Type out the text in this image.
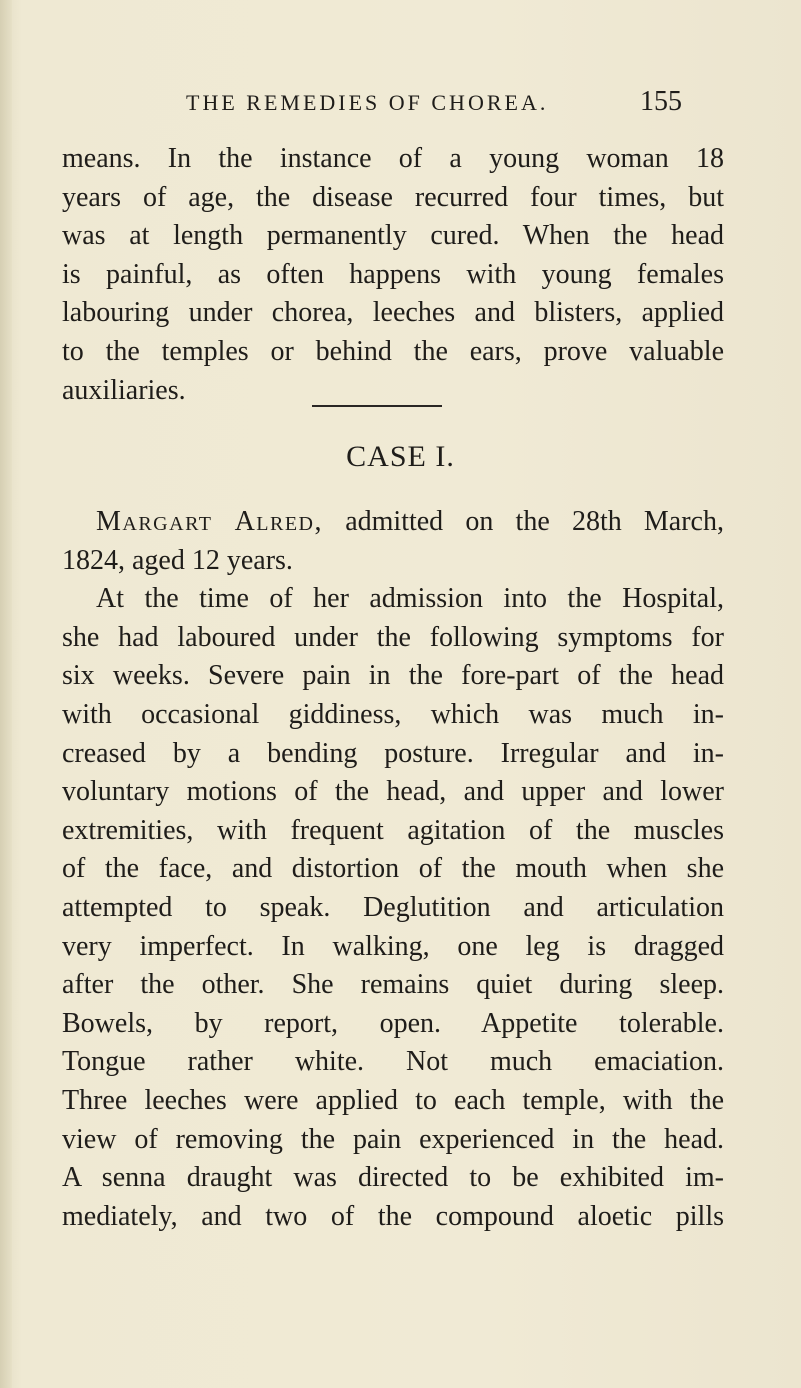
THE REMEDIES OF CHOREA.	155
means. In the instance of a young woman 18
years of age, the disease recurred four times, but
was at length permanently cured. When the head
is painful, as often happens with young females
labouring under chorea, leeches and blisters, applied
to the temples or behind the ears, prove valuable
auxiliaries.
CASE I.
Margart Alred, admitted on the 28th March,
1824, aged 12 years.
At the time of her admission into the Hospital,
she had laboured under the following symptoms for
six weeks. Severe pain in the fore-part of the head
with occasional giddiness, which was much in-
creased by a bending posture. Irregular and in-
voluntary motions of the head, and upper and lower
extremities, with frequent agitation of the muscles
of the face, and distortion of the mouth when she
attempted to speak. Deglutition and articulation
very imperfect. In walking, one leg is dragged
after the other. She remains quiet during sleep.
Bowels, by report, open. Appetite tolerable.
Tongue rather white. Not much emaciation.
Three leeches were applied to each temple, with the
view of removing the pain experienced in the head.
A senna draught was directed to be exhibited im-
mediately, and two of the compound aloetic pills
